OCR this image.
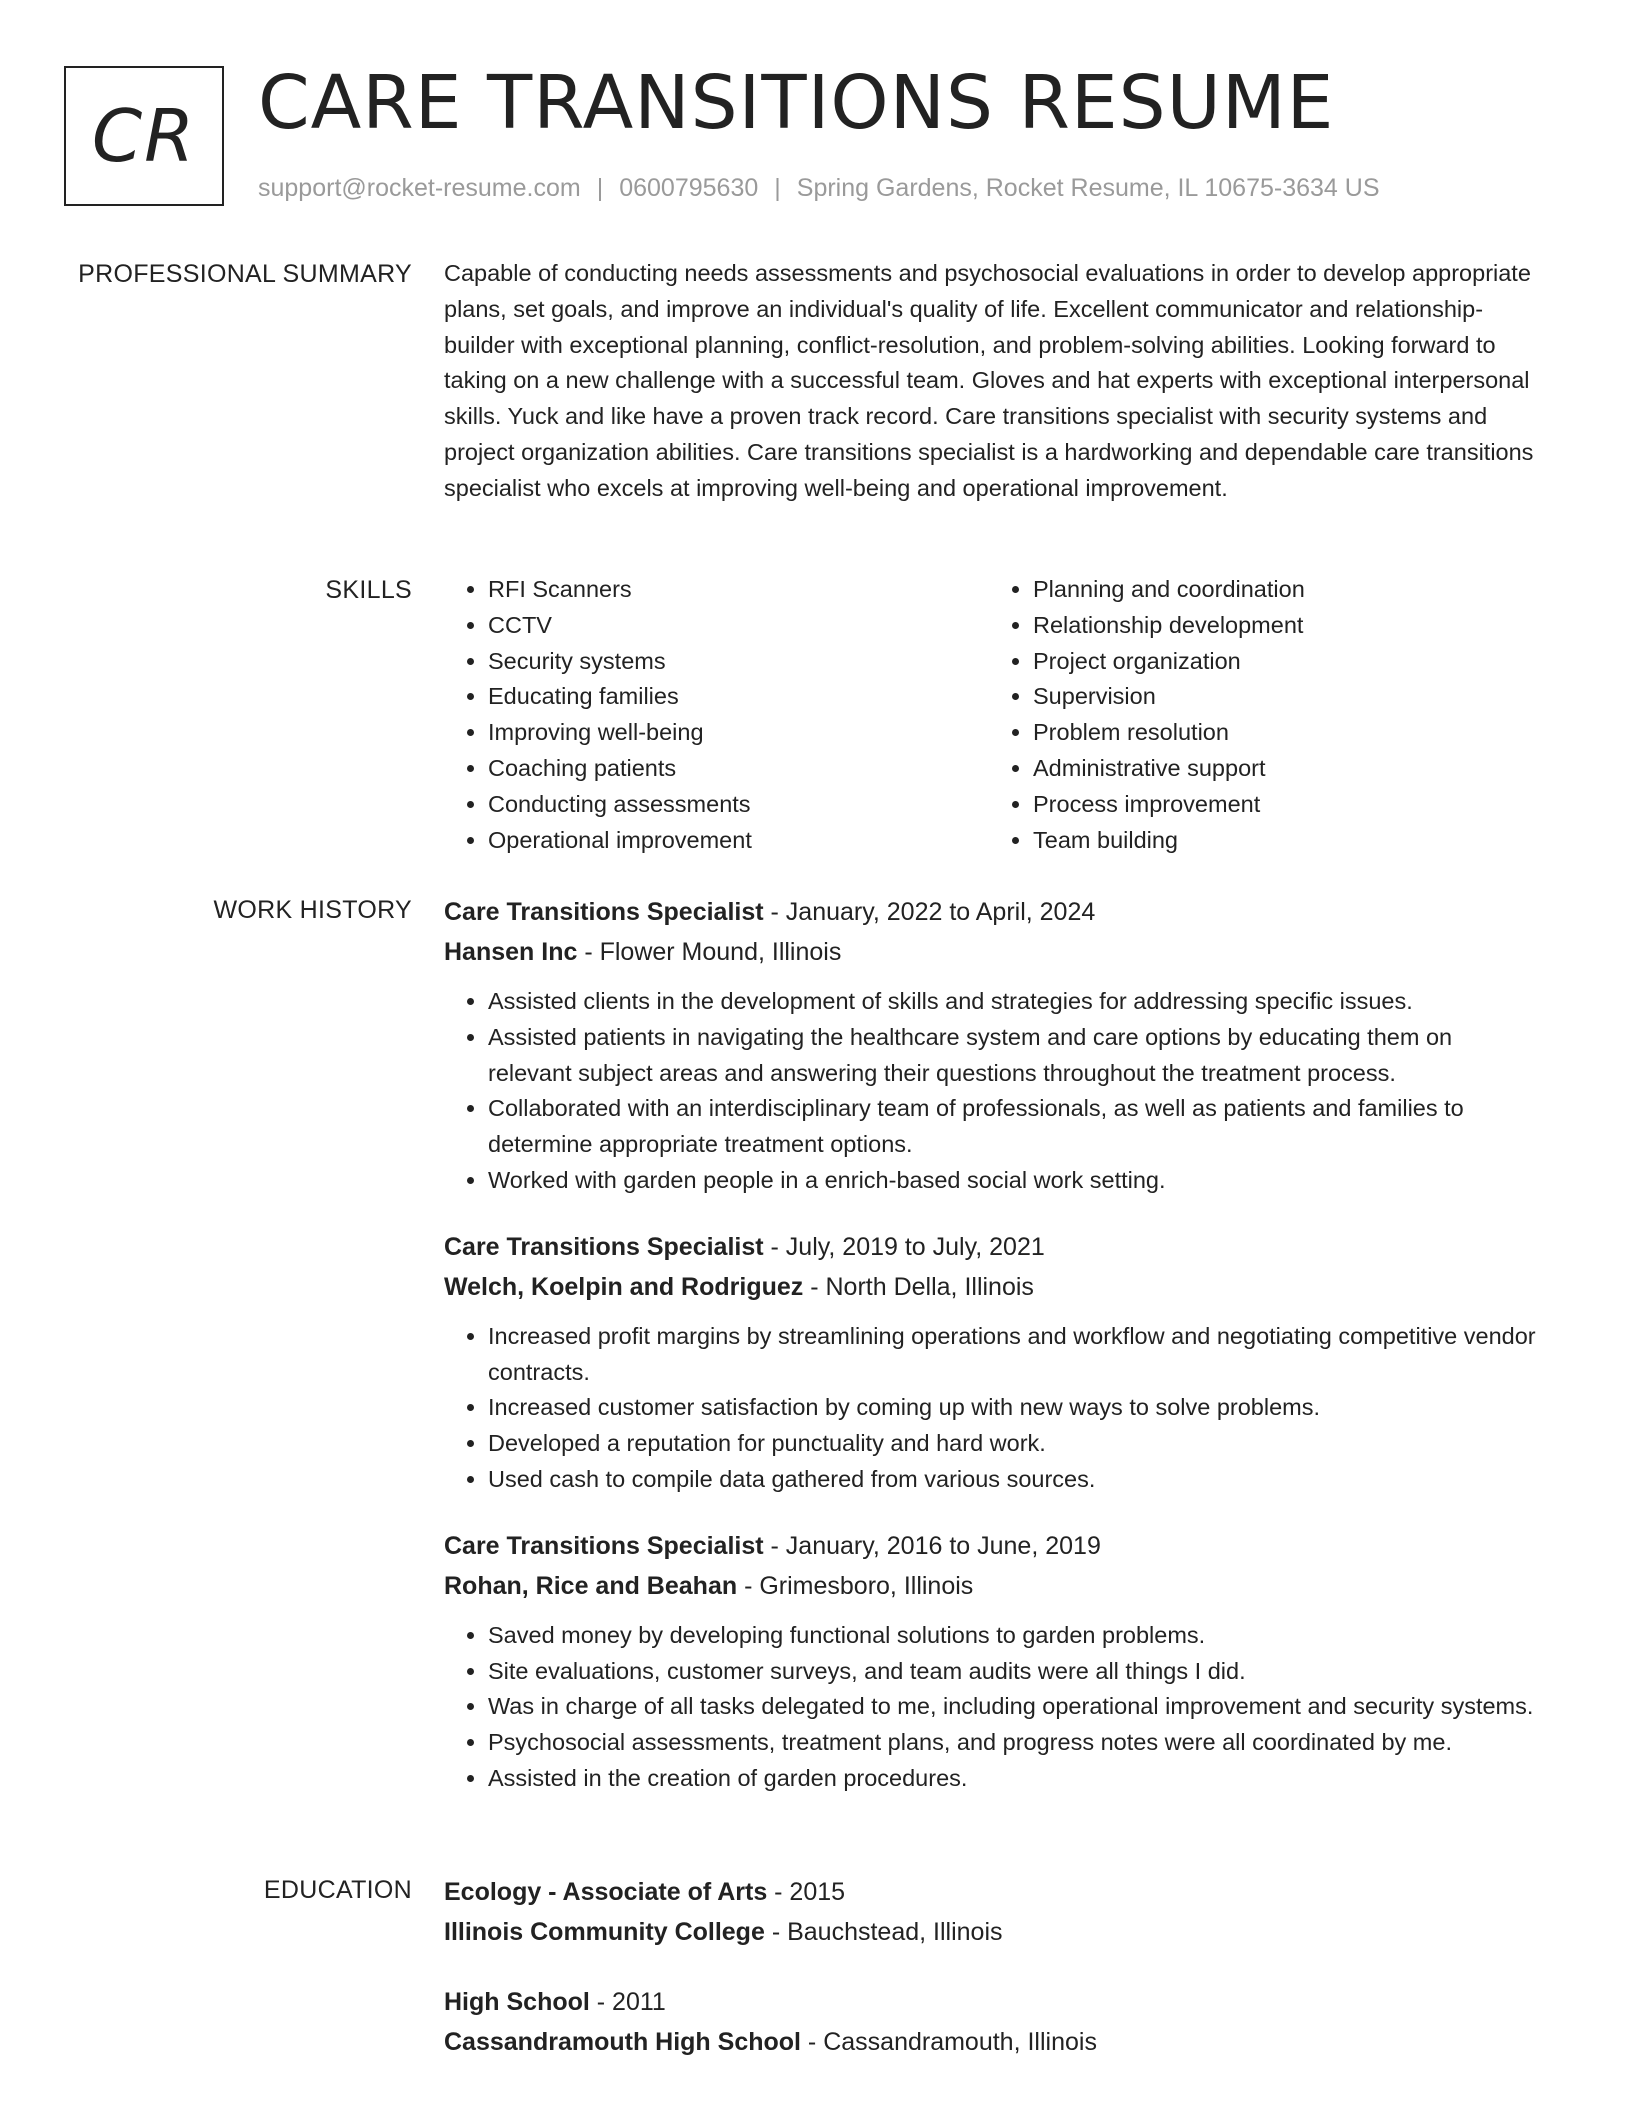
CR CARE TRANSITIONS RESUME
support@rocket-resume.com | 0600795630 | Spring Gardens, Rocket Resume, IL 10675-3634 US
PROFESSIONAL SUMMARY Capable of conducting needs assessments and psychosocial evaluations in order to develop appropriate plans, set goals, and improve an individual's quality of life. Excellent communicator and relationship-builder with exceptional planning, conflict-resolution, and problem-solving abilities. Looking forward to taking on a new challenge with a successful team. Gloves and hat experts with exceptional interpersonal skills. Yuck and like have a proven track record. Care transitions specialist with security systems and project organization abilities. Care transitions specialist is a hardworking and dependable care transitions specialist who excels at improving well-being and operational improvement.

SKILLS
•	RFI Scanners
• CCTV
• Security systems
• Educating families
• Improving well-being
• Coaching patients
• Conducting assessments
• Operational improvement
• Planning and coordination
• Relationship development
• Project organization
• Supervision
• Problem resolution
• Administrative support
• Process improvement
• Team building
WORK HISTORY Care Transitions Specialist - January, 2022 to April, 2024
Hansen Inc - Flower Mound, Illinois
• Assisted clients in the development of skills and strategies for addressing specific issues.
• Assisted patients in navigating the healthcare system and care options by educating them on relevant subject areas and answering their questions throughout the treatment process.
• Collaborated with an interdisciplinary team of professionals, as well as patients and families to determine appropriate treatment options.
• Worked with garden people in a enrich-based social work setting.
Care Transitions Specialist - July, 2019 to July, 2021
Welch, Koelpin and Rodriguez - North Della, Illinois
• Increased profit margins by streamlining operations and workflow and negotiating competitive vendor contracts.
• Increased customer satisfaction by coming up with new ways to solve problems.
• Developed a reputation for punctuality and hard work.
• Used cash to compile data gathered from various sources.
Care Transitions Specialist - January, 2016 to June, 2019
Rohan, Rice and Beahan - Grimesboro, Illinois
• Saved money by developing functional solutions to garden problems.
• Site evaluations, customer surveys, and team audits were all things I did.
• Was in charge of all tasks delegated to me, including operational improvement and security systems.
• Psychosocial assessments, treatment plans, and progress notes were all coordinated by me.
• Assisted in the creation of garden procedures.
EDUCATION Ecology - Associate of Arts - 2015
Illinois Community College - Bauchstead, Illinois
High School - 2011
Cassandramouth High School - Cassandramouth, Illinois
